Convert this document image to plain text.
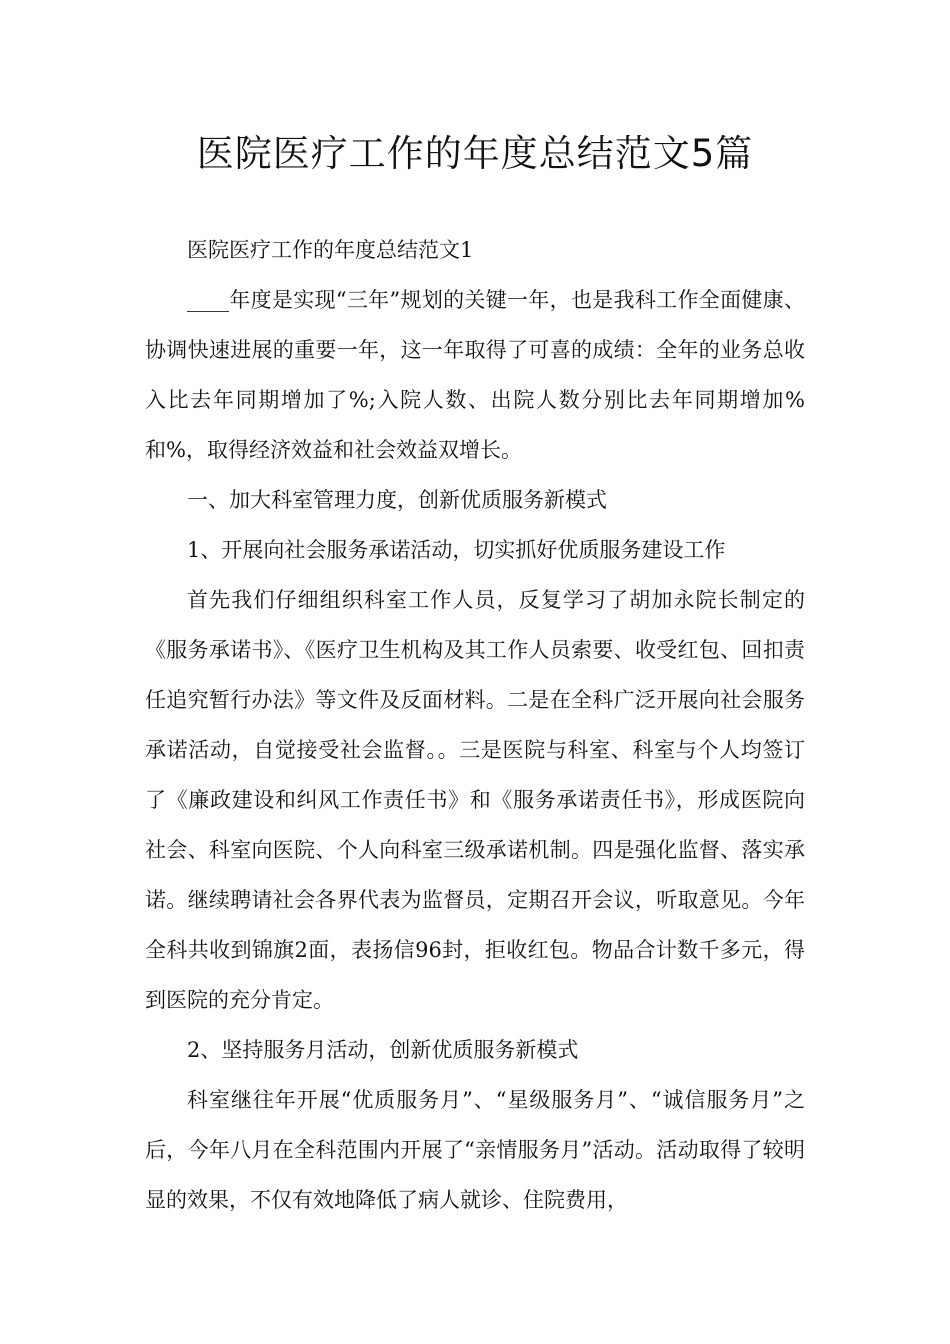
医院医疗工作的年度总结范文5篇

医院医疗工作的年度总结范文1

____年度是实现“三年”规划的关键一年，也是我科工作全面健康、协调快速进展的重要一年，这一年取得了可喜的成绩：全年的业务总收入比去年同期增加了%;入院人数、出院人数分别比去年同期增加%和%，取得经济效益和社会效益双增长。

一、加大科室管理力度，创新优质服务新模式

1、开展向社会服务承诺活动，切实抓好优质服务建设工作

首先我们仔细组织科室工作人员，反复学习了胡加永院长制定的《服务承诺书》、《医疗卫生机构及其工作人员索要、收受红包、回扣责任追究暂行办法》等文件及反面材料。二是在全科广泛开展向社会服务承诺活动，自觉接受社会监督。。三是医院与科室、科室与个人均签订了《廉政建设和纠风工作责任书》和《服务承诺责任书》，形成医院向社会、科室向医院、个人向科室三级承诺机制。四是强化监督、落实承诺。继续聘请社会各界代表为监督员，定期召开会议，听取意见。今年全科共收到锦旗2面，表扬信96封，拒收红包。物品合计数千多元，得到医院的充分肯定。

2、坚持服务月活动，创新优质服务新模式

科室继往年开展“优质服务月”、“星级服务月”、“诚信服务月”之后，今年八月在全科范围内开展了“亲情服务月”活动。活动取得了较明显的效果，不仅有效地降低了病人就诊、住院费用，
